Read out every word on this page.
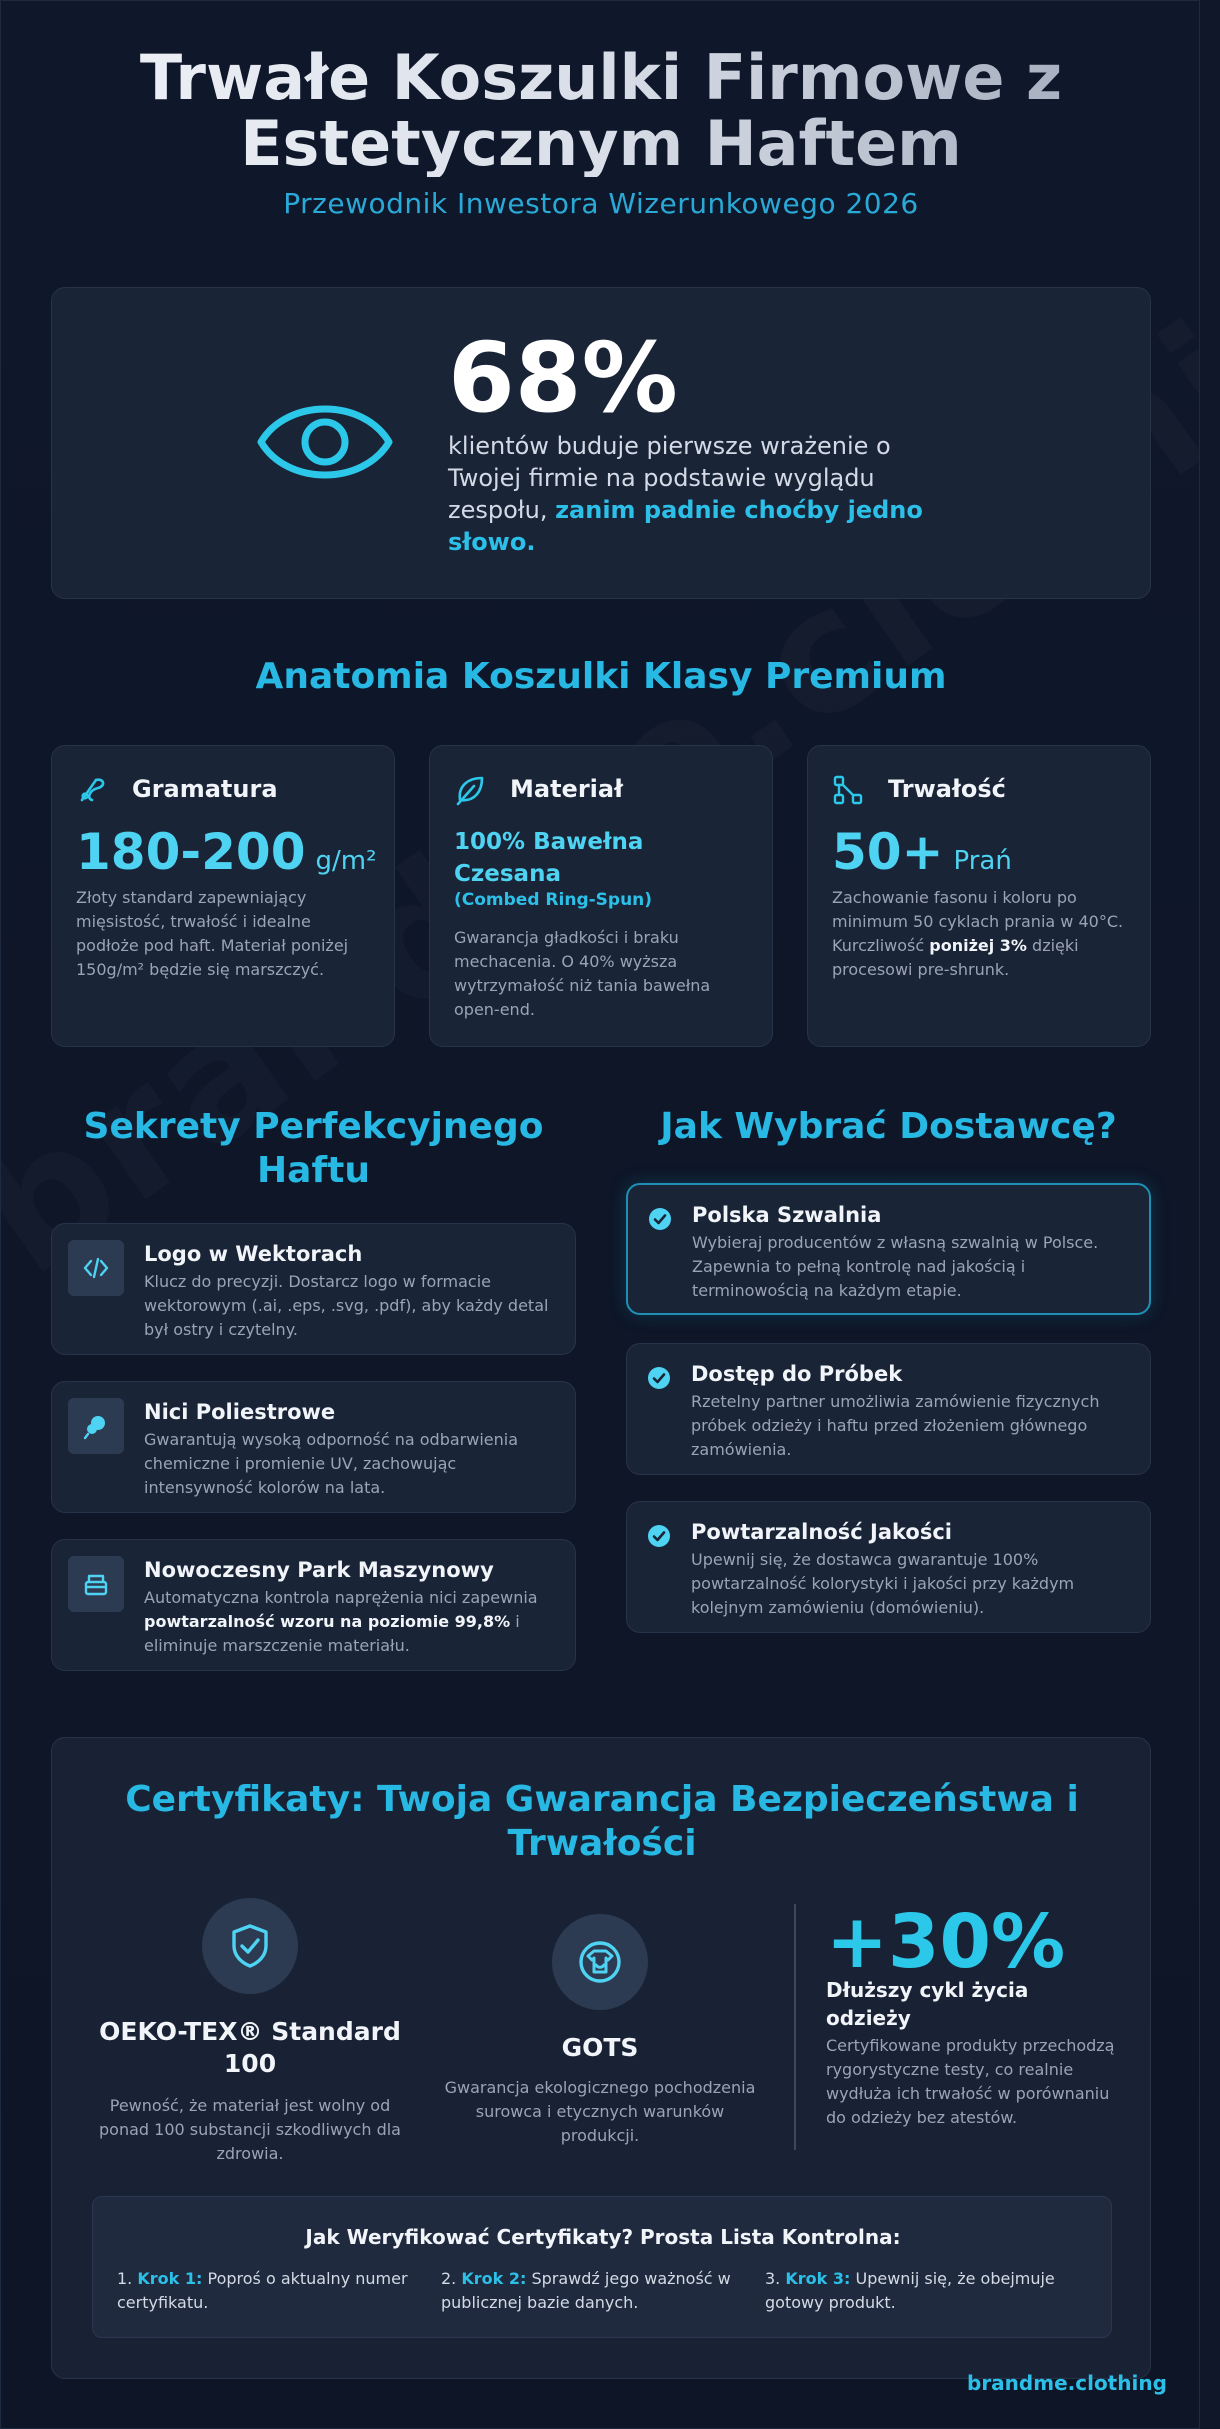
Trwałe Koszulki Firmowe z
Estetycznym Haftem
Przewodnik Inwestora Wizerunkowego 2026
68%
klientów buduje pierwsze wrażenie o Twojej firmie na podstawie wyglądu zespołu, zanim padnie choćby jedno słowo.
Anatomia Koszulki Klasy Premium
Gramatura
180-200 g/m²
Złoty standard zapewniający mięsistość, trwałość i idealne podłoże pod haft. Materiał poniżej 150g/m² będzie się marszczyć.
Materiał
100% Bawełna Czesana
(Combed Ring-Spun)
Gwarancja gładkości i braku mechacenia. O 40% wyższa wytrzymałość niż tania bawełna open-end.
Trwałość
50+ Prań
Zachowanie fasonu i koloru po minimum 50 cyklach prania w 40°C. Kurczliwość poniżej 3% dzięki procesowi pre-shrunk.
Sekrety Perfekcyjnego Haftu
Logo w Wektorach
Klucz do precyzji. Dostarcz logo w formacie wektorowym (.ai, .eps, .svg, .pdf), aby każdy detal był ostry i czytelny.
Nici Poliestrowe
Gwarantują wysoką odporność na odbarwienia chemiczne i promienie UV, zachowując intensywność kolorów na lata.
Nowoczesny Park Maszynowy
Automatyczna kontrola naprężenia nici zapewnia powtarzalność wzoru na poziomie 99,8% i eliminuje marszczenie materiału.
Jak Wybrać Dostawcę?
Polska Szwalnia
Wybieraj producentów z własną szwalnią w Polsce. Zapewnia to pełną kontrolę nad jakością i terminowością na każdym etapie.
Dostęp do Próbek
Rzetelny partner umożliwia zamówienie fizycznych próbek odzieży i haftu przed złożeniem głównego zamówienia.
Powtarzalność Jakości
Upewnij się, że dostawca gwarantuje 100% powtarzalność kolorystyki i jakości przy każdym kolejnym zamówieniu (domówieniu).
Certyfikaty: Twoja Gwarancja Bezpieczeństwa i Trwałości
OEKO-TEX® Standard 100
Pewność, że materiał jest wolny od ponad 100 substancji szkodliwych dla zdrowia.
GOTS
Gwarancja ekologicznego pochodzenia surowca i etycznych warunków produkcji.
+30%
Dłuższy cykl życia odzieży
Certyfikowane produkty przechodzą rygorystyczne testy, co realnie wydłuża ich trwałość w porównaniu do odzieży bez atestów.
Jak Weryfikować Certyfikaty? Prosta Lista Kontrolna:
1. Krok 1: Poproś o aktualny numer certyfikatu.
2. Krok 2: Sprawdź jego ważność w publicznej bazie danych.
3. Krok 3: Upewnij się, że obejmuje gotowy produkt.
brandme.clothing
